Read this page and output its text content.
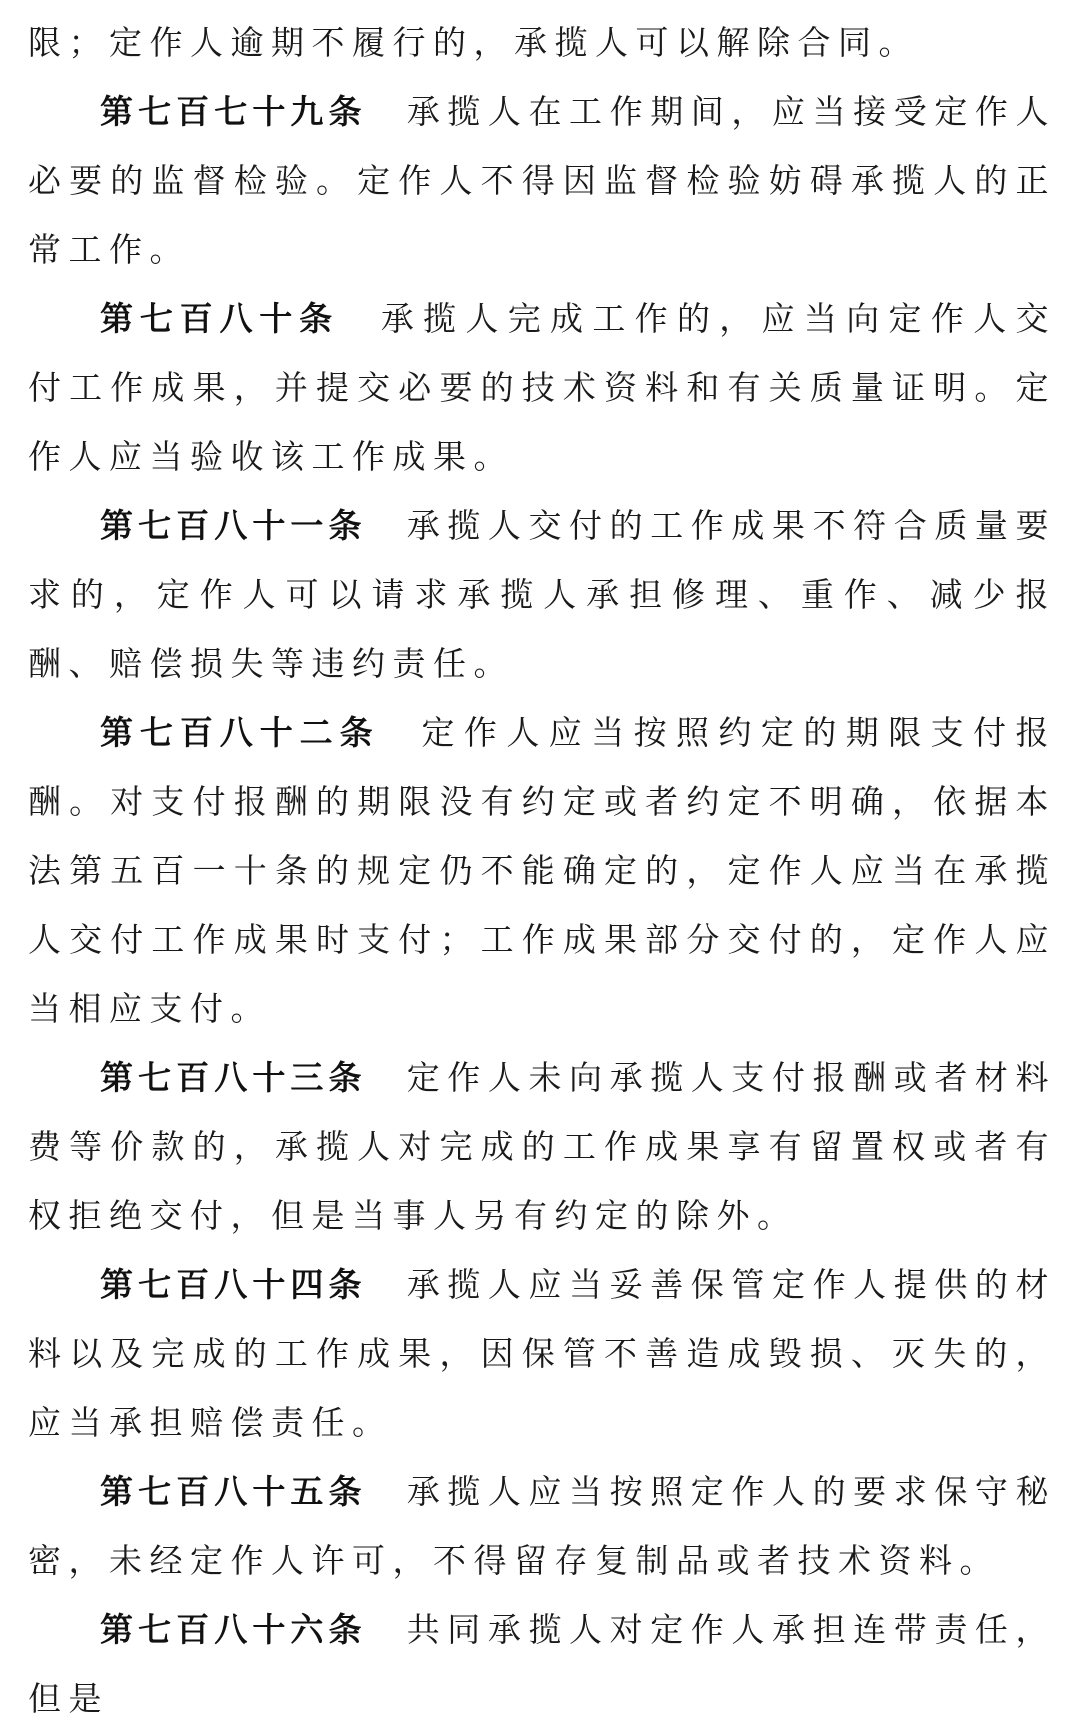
限；定作人逾期不履行的，承揽人可以解除合同。

第七百七十九条 承揽人在工作期间，应当接受定作人必要的监督检验。定作人不得因监督检验妨碍承揽人的正常工作。

第七百八十条 承揽人完成工作的，应当向定作人交付工作成果，并提交必要的技术资料和有关质量证明。定作人应当验收该工作成果。

第七百八十一条 承揽人交付的工作成果不符合质量要求的，定作人可以请求承揽人承担修理、重作、减少报酬、赔偿损失等违约责任。

第七百八十二条 定作人应当按照约定的期限支付报酬。对支付报酬的期限没有约定或者约定不明确，依据本法第五百一十条的规定仍不能确定的，定作人应当在承揽人交付工作成果时支付；工作成果部分交付的，定作人应当相应支付。

第七百八十三条 定作人未向承揽人支付报酬或者材料费等价款的，承揽人对完成的工作成果享有留置权或者有权拒绝交付，但是当事人另有约定的除外。

第七百八十四条 承揽人应当妥善保管定作人提供的材料以及完成的工作成果，因保管不善造成毁损、灭失的，应当承担赔偿责任。

第七百八十五条 承揽人应当按照定作人的要求保守秘密，未经定作人许可，不得留存复制品或者技术资料。

第七百八十六条 共同承揽人对定作人承担连带责任，但是
